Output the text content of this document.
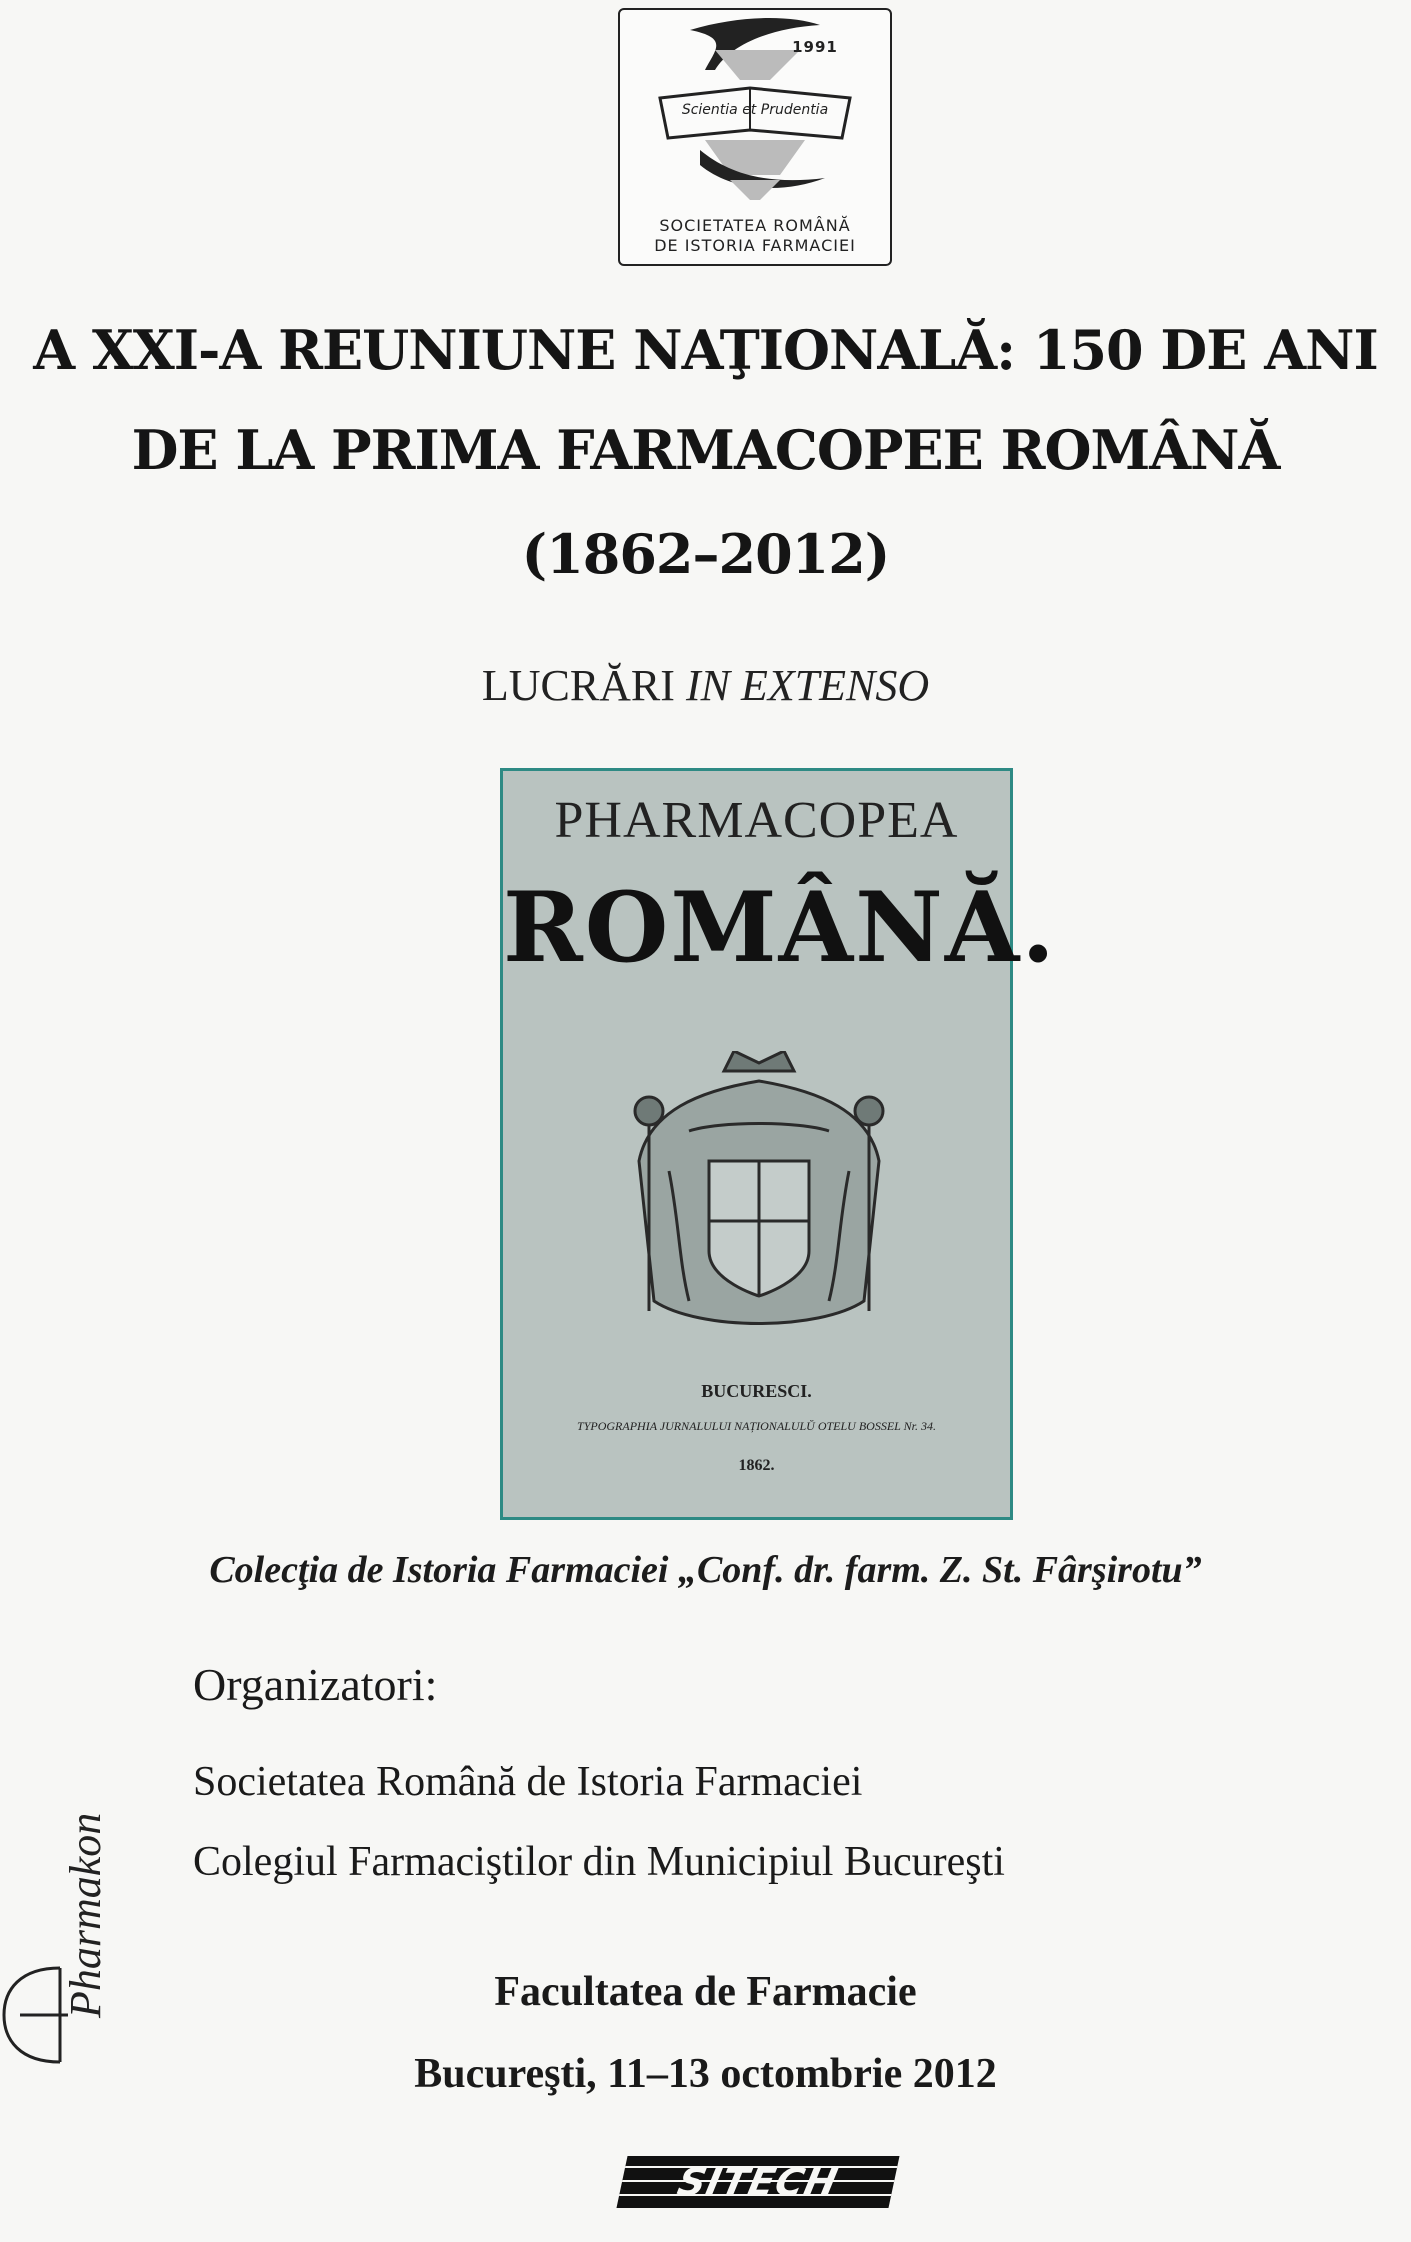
1991
Scientia et Prudentia
SOCIETATEA ROMÂNĂ
DE ISTORIA FARMACIEI
A XXI-A REUNIUNE NAŢIONALĂ: 150 DE ANI
DE LA PRIMA FARMACOPEE ROMÂNĂ
(1862–2012)
LUCRĂRI IN EXTENSO
PHARMACOPEA
ROMÂNĂ.
BUCURESCI.
TYPOGRAPHIA JURNALULUI NAȚIONALULŬ OTELU BOSSEL Nr. 34.
1862.
Colecţia de Istoria Farmaciei „Conf. dr. farm. Z. St. Fârşirotu”
Organizatori:
Societatea Română de Istoria Farmaciei
Colegiul Farmaciştilor din Municipiul Bucureşti
Facultatea de Farmacie
Bucureşti, 11–13 octombrie 2012
Pharmakon
SITECH
